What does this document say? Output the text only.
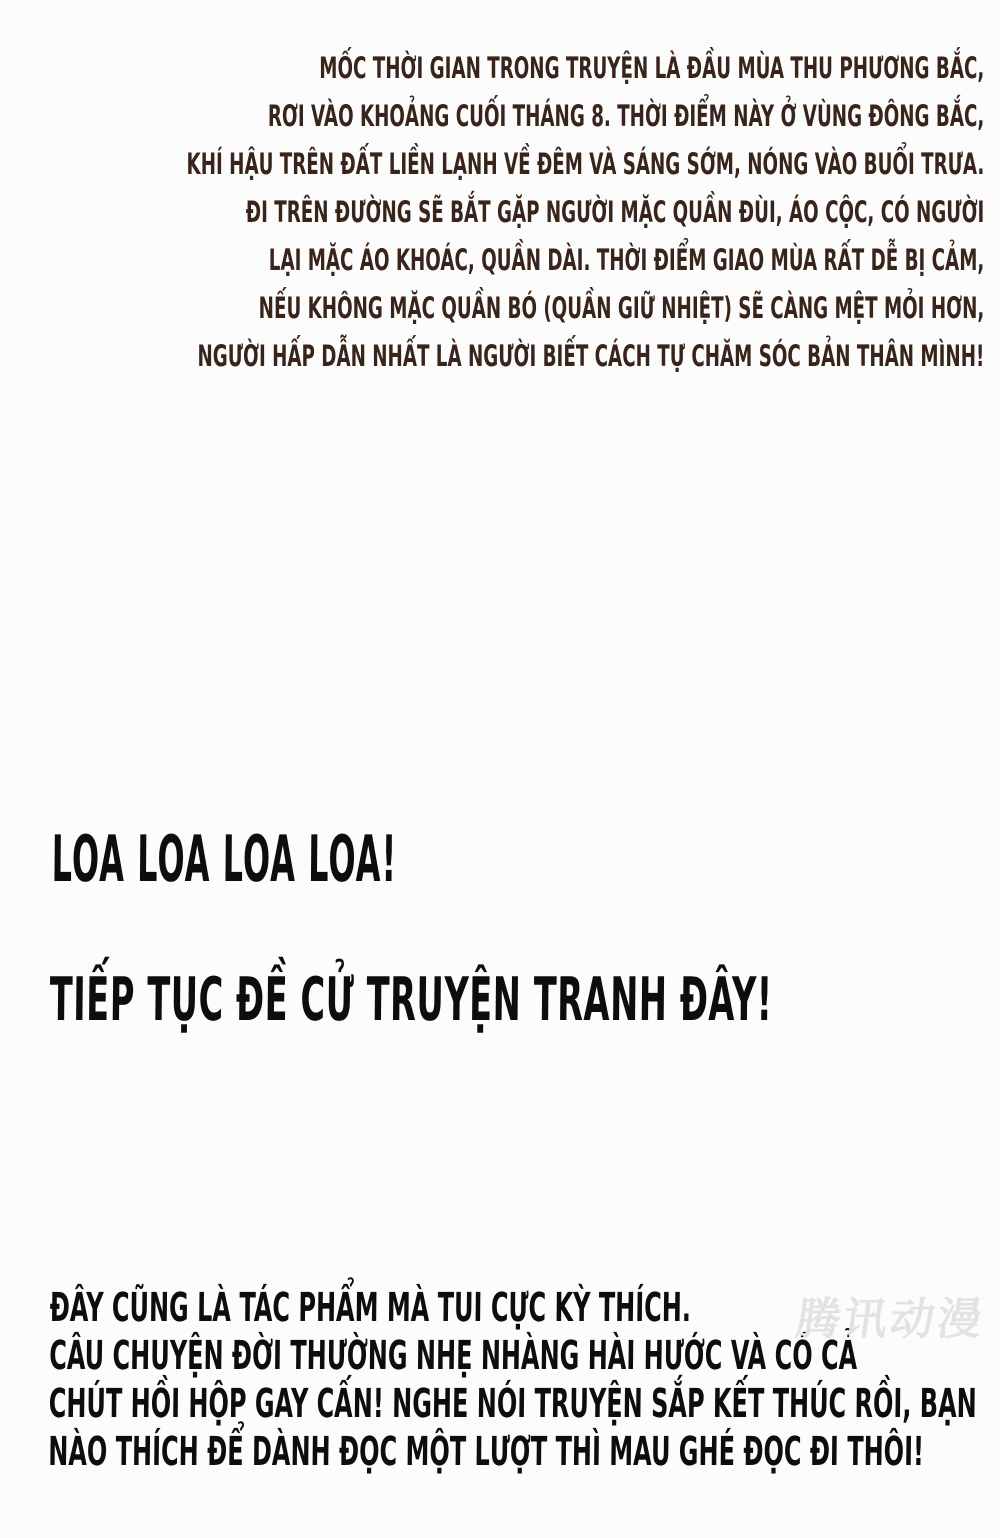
MỐC THỜI GIAN TRONG TRUYỆN LÀ ĐẦU MÙA THU PHƯƠNG BẮC,
RƠI VÀO KHOẢNG CUỐI THÁNG 8. THỜI ĐIỂM NÀY Ở VÙNG ĐÔNG BẮC,
KHÍ HẬU TRÊN ĐẤT LIỀN LẠNH VỀ ĐÊM VÀ SÁNG SỚM, NÓNG VÀO BUỔI TRƯA.
ĐI TRÊN ĐƯỜNG SẼ BẮT GẶP NGƯỜI MẶC QUẦN ĐÙI, ÁO CỘC, CÓ NGƯỜI
LẠI MẶC ÁO KHOÁC, QUẦN DÀI. THỜI ĐIỂM GIAO MÙA RẤT DỄ BỊ CẢM,
NẾU KHÔNG MẶC QUẦN BÓ (QUẦN GIỮ NHIỆT) SẼ CÀNG MỆT MỎI HƠN,
NGƯỜI HẤP DẪN NHẤT LÀ NGƯỜI BIẾT CÁCH TỰ CHĂM SÓC BẢN THÂN MÌNH!
LOA LOA LOA LOA!
TIẾP TỤC ĐỀ CỬ TRUYỆN TRANH ĐÂY!
ĐÂY CŨNG LÀ TÁC PHẨM MÀ TUI CỰC KỲ THÍCH.
CÂU CHUYỆN ĐỜI THƯỜNG NHẸ NHÀNG HÀI HƯỚC VÀ CÓ CẢ
CHÚT HỒI HỘP GAY CẤN! NGHE NÓI TRUYỆN SẮP KẾT THÚC RỒI, BẠN
NÀO THÍCH ĐỂ DÀNH ĐỌC MỘT LƯỢT THÌ MAU GHÉ ĐỌC ĐI THÔI!
腾讯动漫
